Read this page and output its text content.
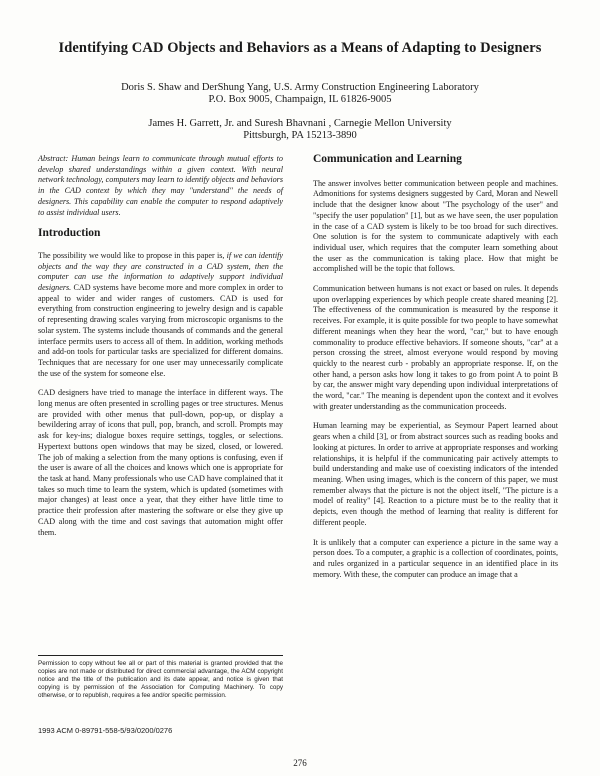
Identifying CAD Objects and Behaviors as a Means of Adapting to Designers
Doris S. Shaw and DerShung Yang, U.S. Army Construction Engineering Laboratory
P.O. Box 9005, Champaign, IL 61826-9005
James H. Garrett, Jr. and Suresh Bhavnani , Carnegie Mellon University
Pittsburgh, PA 15213-3890

Abstract: Human beings learn to communicate through mutual efforts to develop shared understandings within a given context. With neural network technology, computers may learn to identify objects and behaviors in the CAD context by which they may "understand" the needs of designers. This capability can enable the computer to respond adaptively to assist individual users.

Introduction

The possibility we would like to propose in this paper is, if we can identify objects and the way they are constructed in a CAD system, then the computer can use the information to adaptively support individual designers. CAD systems have become more and more complex in order to appeal to wider and wider ranges of customers. CAD is used for everything from construction engineering to jewelry design and is capable of representing drawing scales varying from microscopic organisms to the solar system. The systems include thousands of commands and the general interface permits users to access all of them. In addition, working methods and add-on tools for particular tasks are specialized for different domains. Techniques that are necessary for one user may unnecessarily complicate the use of the system for someone else.

CAD designers have tried to manage the interface in different ways. The long menus are often presented in scrolling pages or tree structures. Menus are provided with other menus that pull-down, pop-up, or display a bewildering array of icons that pull, pop, branch, and scroll. Prompts may ask for key-ins; dialogue boxes require settings, toggles, or selections. Hypertext buttons open windows that may be sized, closed, or lowered. The job of making a selection from the many options is confusing, even if the user is aware of all the choices and knows which one is appropriate for the task at hand. Many professionals who use CAD have complained that it takes so much time to learn the system, which is updated (sometimes with major changes) at least once a year, that they either have little time to practice their profession after mastering the software or else they give up CAD along with the time and cost savings that automation might offer them.

Communication and Learning

The answer involves better communication between people and machines. Admonitions for systems designers suggested by Card, Moran and Newell include that the designer know about "The psychology of the user" and "specify the user population" [1], but as we have seen, the user population in the case of a CAD system is likely to be too broad for such directives. One solution is for the system to communicate adaptively with each individual user, which requires that the computer learn something about the user as the communication is taking place. How that might be accomplished will be the topic that follows.

Communication between humans is not exact or based on rules. It depends upon overlapping experiences by which people create shared meaning [2]. The effectiveness of the communication is measured by the response it receives. For example, it is quite possible for two people to have somewhat different meanings when they hear the word, "car," but to have enough commonality to produce effective behaviors. If someone shouts, "car" at a person crossing the street, almost everyone would respond by moving quickly to the nearest curb - probably an appropriate response. If, on the other hand, a person asks how long it takes to go from point A to point B by car, the answer might vary depending upon individual interpretations of the word, "car." The meaning is dependent upon the context and it evolves with greater understanding as the communication proceeds.

Human learning may be experiential, as Seymour Papert learned about gears when a child [3], or from abstract sources such as reading books and looking at pictures. In order to arrive at appropriate responses and working relationships, it is helpful if the communicating pair actively attempts to build understanding and make use of coexisting indicators of the intended meaning. When using images, which is the concern of this paper, we must remember always that the picture is not the object itself, "The picture is a model of reality" [4]. Reaction to a picture must be to the reality that it depicts, even though the method of learning that reality is different for different people.

It is unlikely that a computer can experience a picture in the same way a person does. To a computer, a graphic is a collection of coordinates, points, and rules organized in a particular sequence in an identified place in its memory. With these, the computer can produce an image that a

Permission to copy without fee all or part of this material is granted provided that the copies are not made or distributed for direct commercial advantage, the ACM copyright notice and the title of the publication and its date appear, and notice is given that copying is by permission of the Association for Computing Machinery. To copy otherwise, or to republish, requires a fee and/or specific permission.
1993 ACM 0-89791-558-5/93/0200/0276
276
